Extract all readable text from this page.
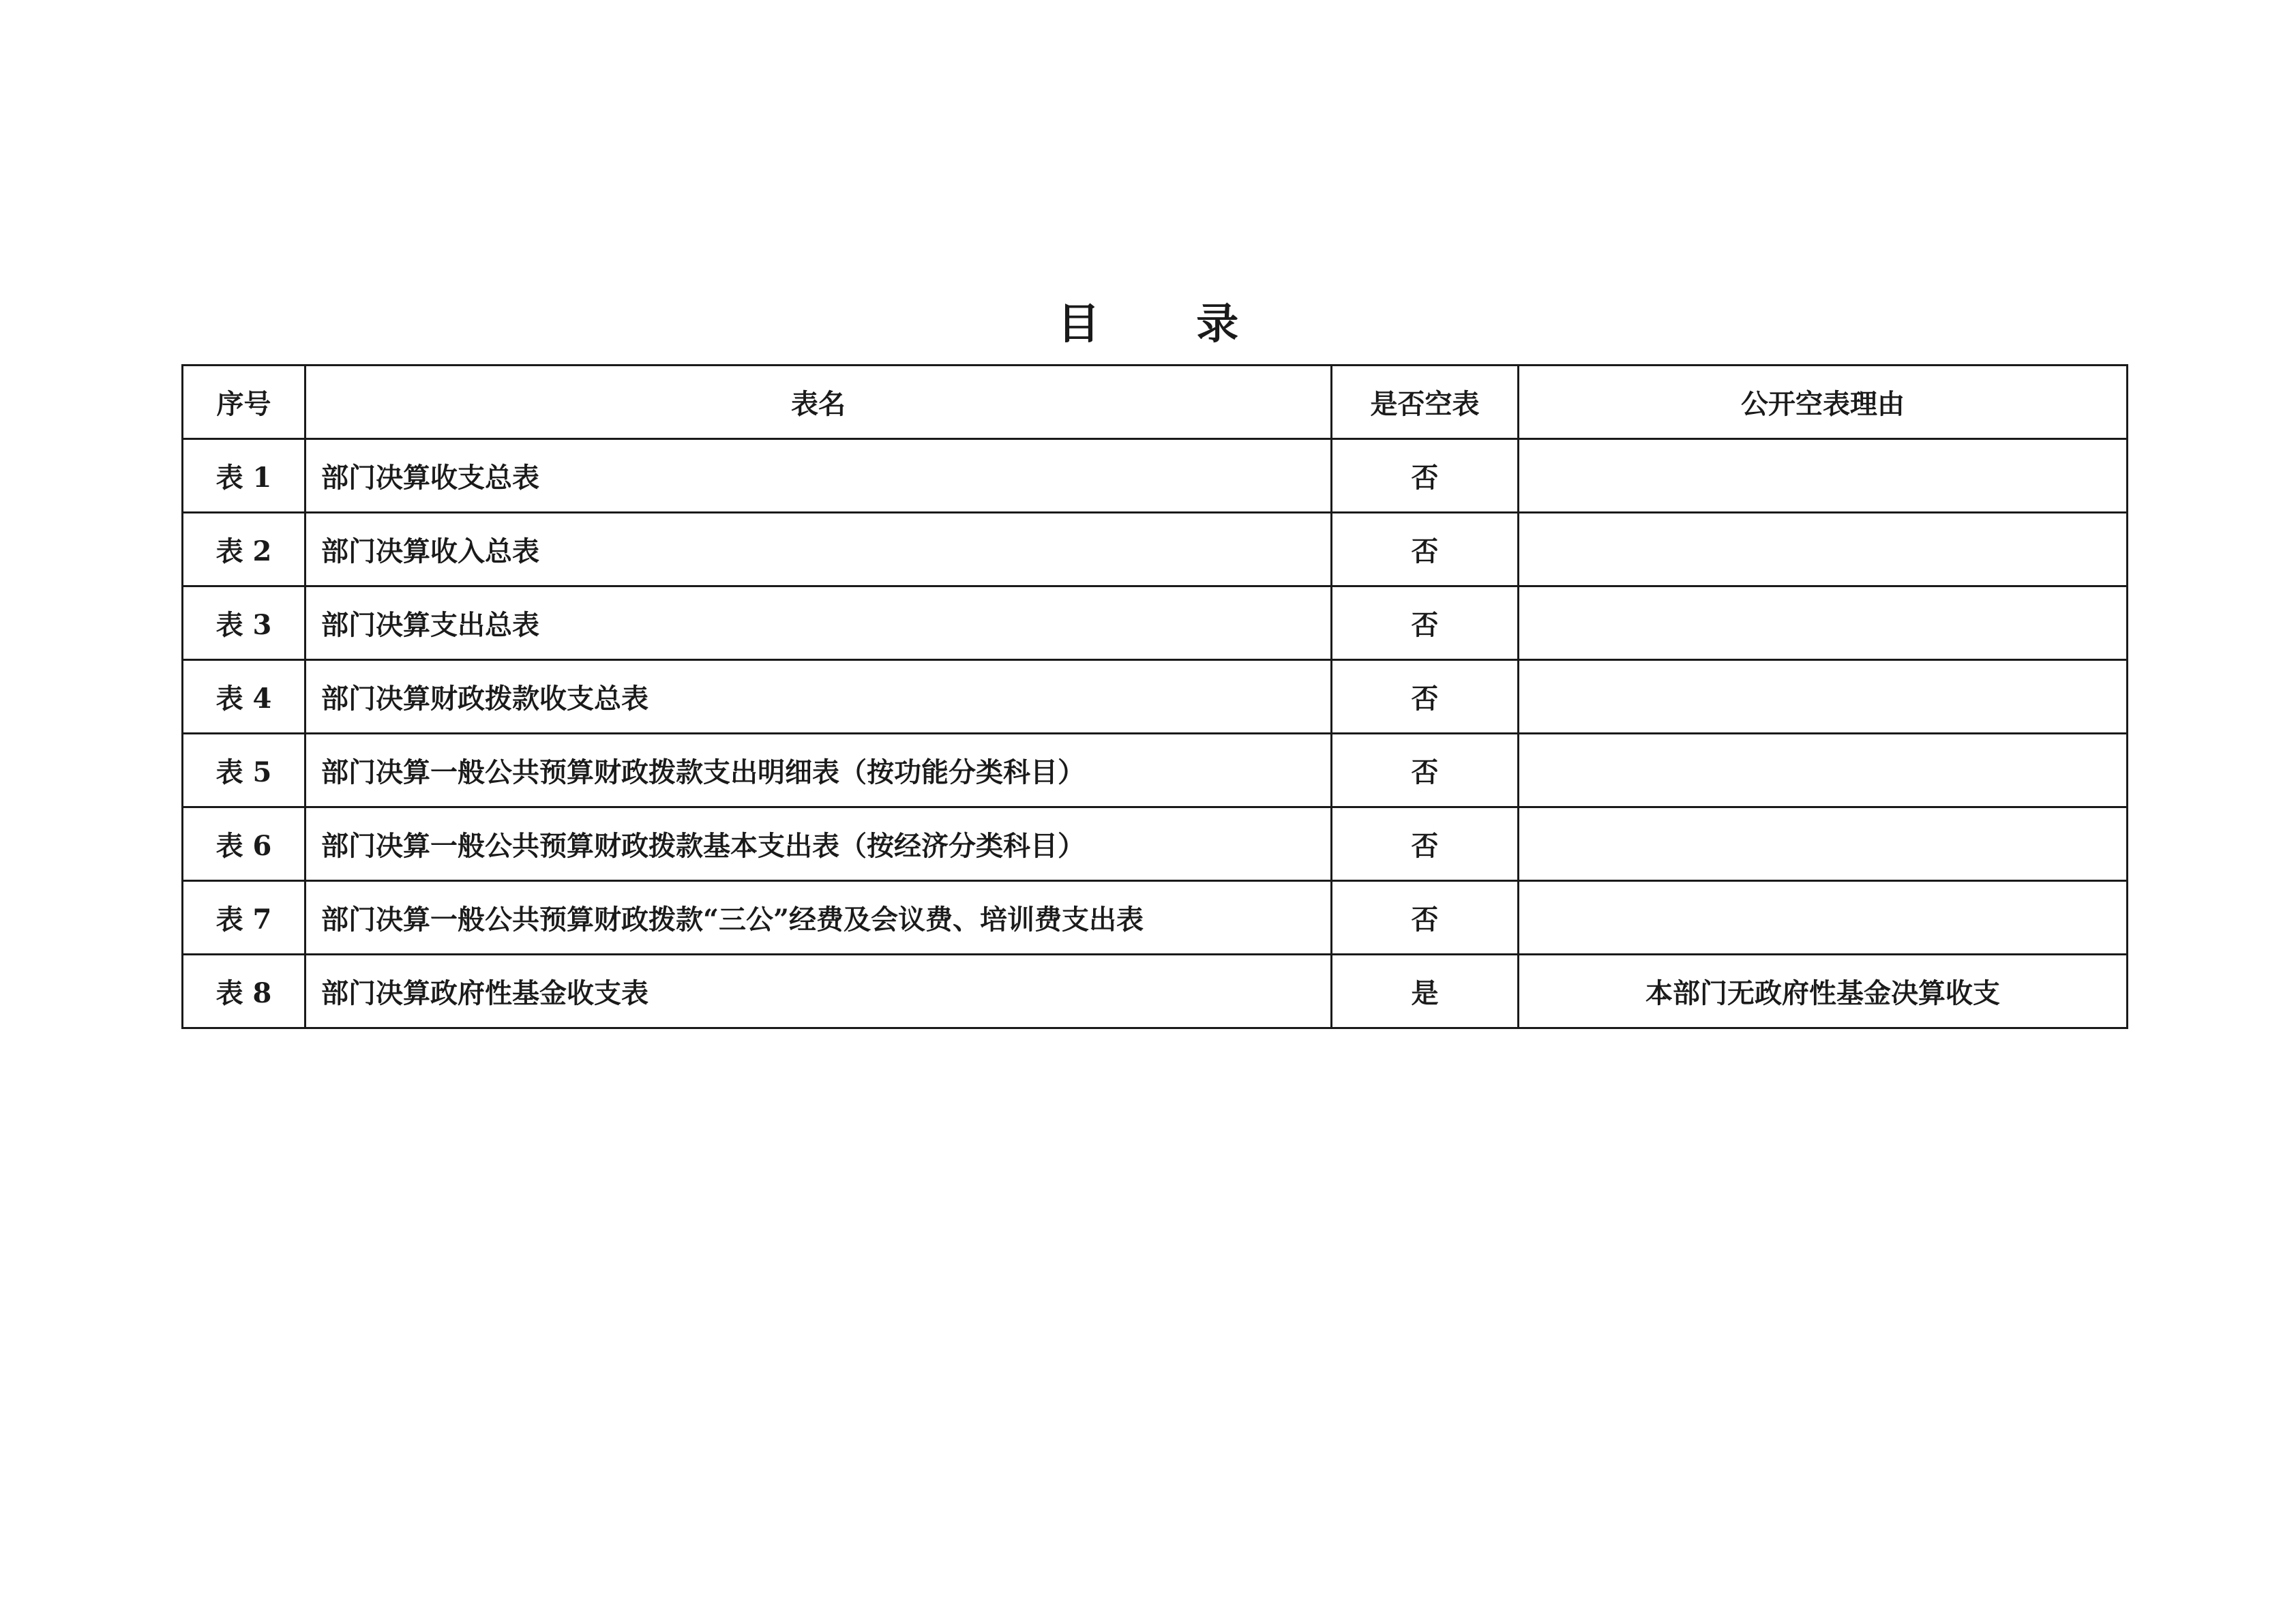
目 录
序号	表名	是否空表	公开空表理由
表 1	部门决算收支总表	否	
表 2	部门决算收入总表	否	
表 3	部门决算支出总表	否	
表 4	部门决算财政拨款收支总表	否	
表 5	部门决算一般公共预算财政拨款支出明细表（按功能分类科目）	否	
表 6	部门决算一般公共预算财政拨款基本支出表（按经济分类科目）	否	
表 7	部门决算一般公共预算财政拨款“三公”经费及会议费、培训费支出表	否	
表 8	部门决算政府性基金收支表	是	本部门无政府性基金决算收支
